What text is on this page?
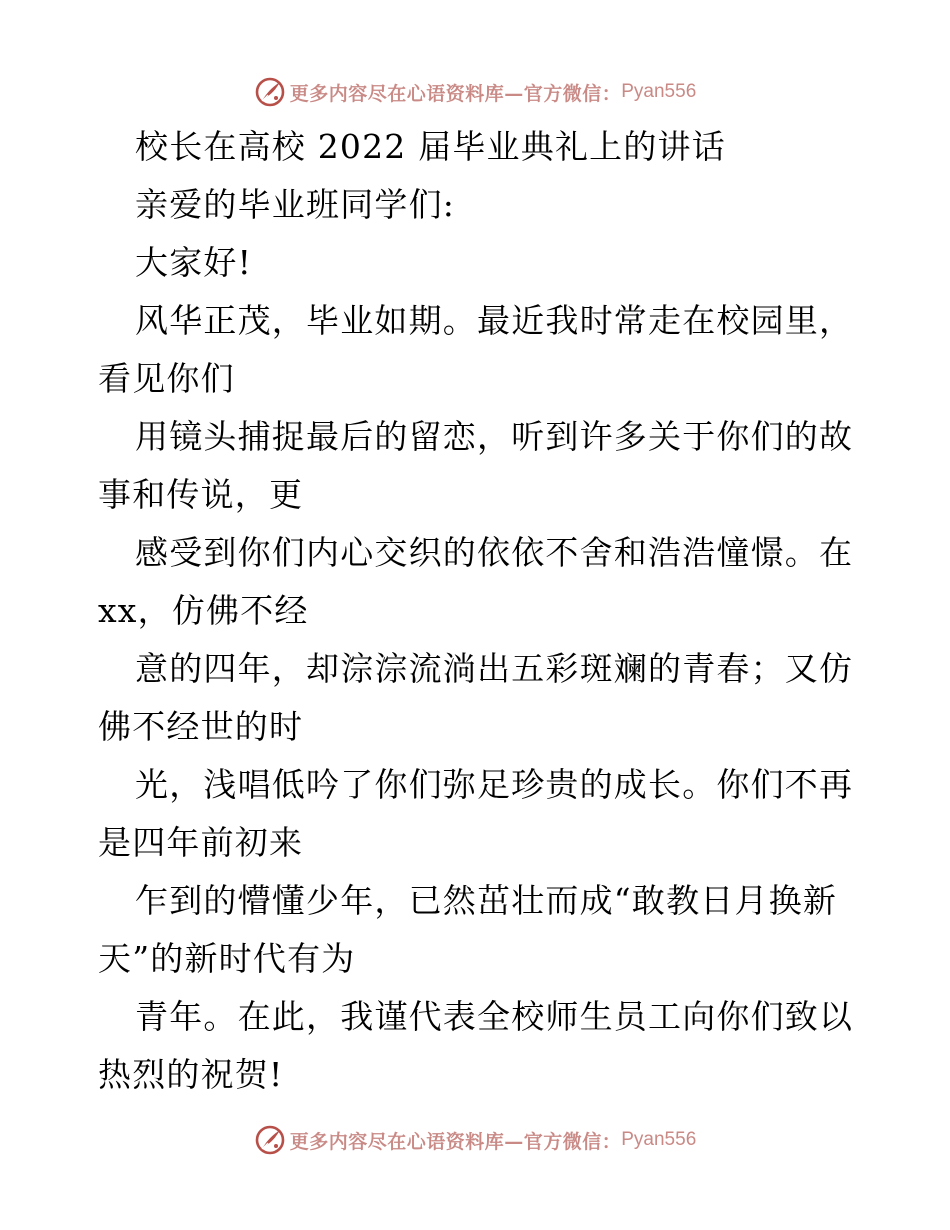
更多内容尽在心语资料库—官方微信： Pyan556
校长在高校 2022 届毕业典礼上的讲话
亲爱的毕业班同学们:
大家好!
风华正茂，毕业如期。最近我时常走在校园里，
看见你们
用镜头捕捉最后的留恋，听到许多关于你们的故
事和传说，更
感受到你们内心交织的依依不舍和浩浩憧憬。在
xx，仿佛不经
意的四年，却淙淙流淌出五彩斑斓的青春；又仿
佛不经世的时
光，浅唱低吟了你们弥足珍贵的成长。你们不再
是四年前初来
乍到的懵懂少年，已然茁壮而成“敢教日月换新
天”的新时代有为
青年。在此，我谨代表全校师生员工向你们致以
热烈的祝贺!
更多内容尽在心语资料库—官方微信： Pyan556
